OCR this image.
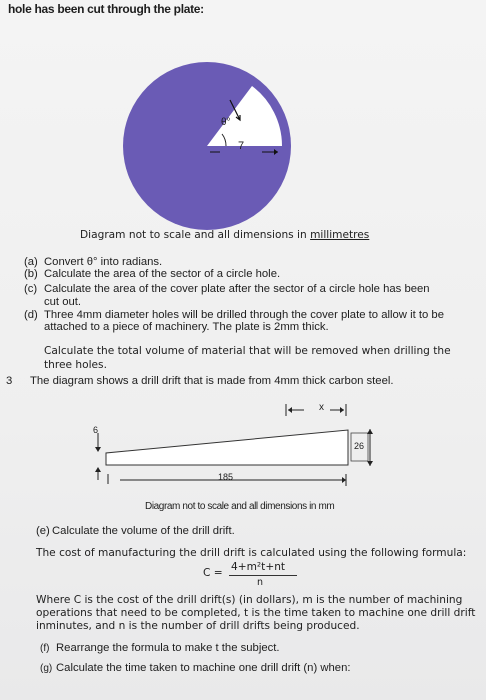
hole has been cut through the plate:
θ°
7
Diagram not to scale and all dimensions in millimetres
(a) Convert θ° into radians.
(b) Calculate the area of the sector of a circle hole.
(c) Calculate the area of the cover plate after the sector of a circle hole has been
cut out.
(d) Three 4mm diameter holes will be drilled through the cover plate to allow it to be
attached to a piece of machinery. The plate is 2mm thick.
Calculate the total volume of material that will be removed when drilling the
three holes.
3 The diagram shows a drill drift that is made from 4mm thick carbon steel.
x
6
26
185
Diagram not to scale and all dimensions in mm
(e) Calculate the volume of the drill drift.
The cost of manufacturing the drill drift is calculated using the following formula:
C = 4+m²t+nt
n
Where C is the cost of the drill drift(s) (in dollars), m is the number of machining
operations that need to be completed, t is the time taken to machine one drill drift
inminutes, and n is the number of drill drifts being produced.
(f) Rearrange the formula to make t the subject.
(g) Calculate the time taken to machine one drill drift (n) when:
